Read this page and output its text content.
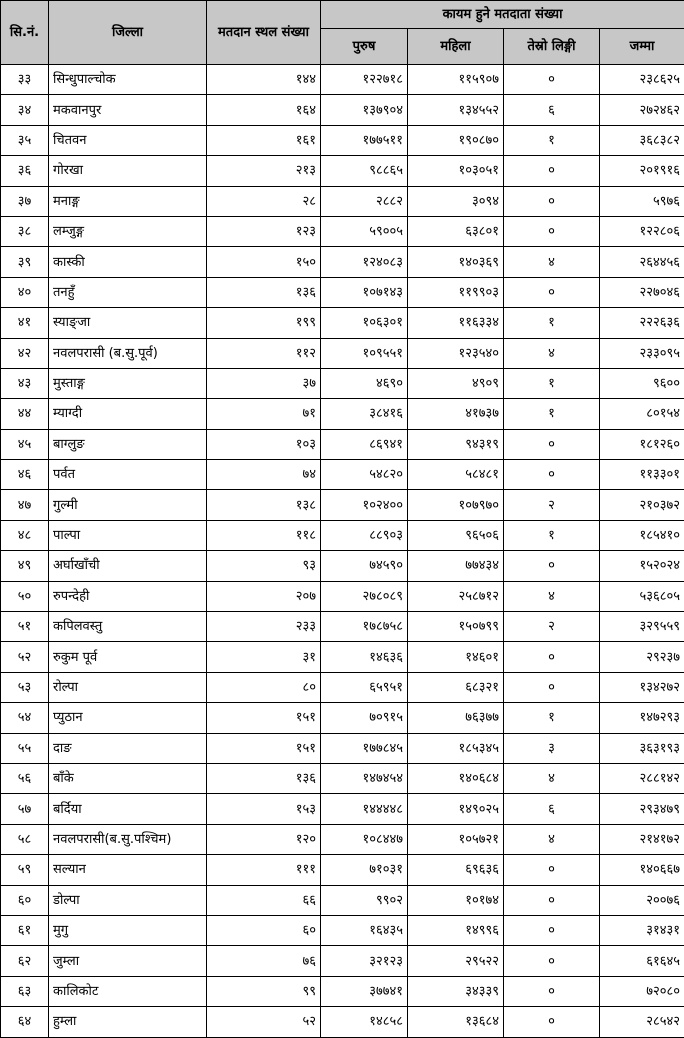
सि.नं.	जिल्ला	मतदान स्थल संख्या	कायम हुने मतदाता संख्या			
			पुरुष	महिला	तेस्रो लिङ्गी	जम्मा
३३	सिन्धुपाल्चोक	१४४	१२२७१८	११५९०७	०	२३८६२५
३४	मकवानपुर	१६४	१३७९०४	१३४५५२	६	२७२४६२
३५	चितवन	१६१	१७७५११	१९०८७०	१	३६८३८२
३६	गोरखा	२१३	९८८६५	१०३०५१	०	२०१९१६
३७	मनाङ्ग	२८	२८८२	३०९४	०	५९७६
३८	लम्जुङ्ग	१२३	५९००५	६३८०१	०	१२२८०६
३९	कास्की	१५०	१२४०८३	१४०३६९	४	२६४४५६
४०	तनहुँ	१३६	१०७१४३	११९९०३	०	२२७०४६
४१	स्याङ्जा	१९९	१०६३०१	११६३३४	१	२२२६३६
४२	नवलपरासी (ब.सु.पूर्व)	११२	१०९५५१	१२३५४०	४	२३३०९५
४३	मुस्ताङ्ग	३७	४६९०	४९०९	१	९६००
४४	म्याग्दी	७१	३८४१६	४१७३७	१	८०१५४
४५	बाग्लुङ	१०३	८६९४१	९४३१९	०	१८१२६०
४६	पर्वत	७४	५४८२०	५८४८१	०	११३३०१
४७	गुल्मी	१३८	१०२४००	१०७९७०	२	२१०३७२
४८	पाल्पा	११८	८८९०३	९६५०६	१	१८५४१०
४९	अर्घाखाँची	९३	७४५९०	७७४३४	०	१५२०२४
५०	रुपन्देही	२०७	२७८०८९	२५८७१२	४	५३६८०५
५१	कपिलवस्तु	२३३	१७८७५८	१५०७९९	२	३२९५५९
५२	रुकुम पूर्व	३१	१४६३६	१४६०१	०	२९२३७
५३	रोल्पा	८०	६५९५१	६८३२१	०	१३४२७२
५४	प्युठान	१५१	७०९१५	७६३७७	१	१४७२९३
५५	दाङ	१५१	१७७८४५	१८५३४५	३	३६३१९३
५६	बाँके	१३६	१४७४५४	१४०६८४	४	२८८१४२
५७	बर्दिया	१५३	१४४४४८	१४९०२५	६	२९३४७९
५८	नवलपरासी(ब.सु.पश्चिम)	१२०	१०८४४७	१०५७२१	४	२१४१७२
५९	सल्यान	१११	७१०३१	६९६३६	०	१४०६६७
६०	डोल्पा	६६	९९०२	१०१७४	०	२००७६
६१	मुगु	६०	१६४३५	१४९९६	०	३१४३१
६२	जुम्ला	७६	३२१२३	२९५२२	०	६१६४५
६३	कालिकोट	९९	३७७४१	३४३३९	०	७२०८०
६४	हुम्ला	५२	१४८५८	१३६८४	०	२८५४२
